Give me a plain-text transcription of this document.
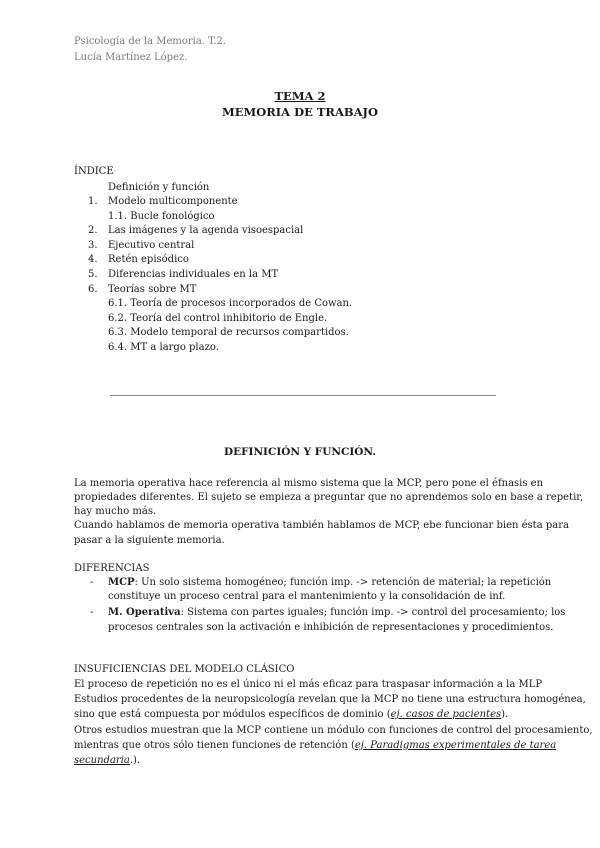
Psicología de la Memoria. T.2.
Lucía Martínez López.
TEMA 2
MEMORIA DE TRABAJO
ÍNDICE
Definición y función
1. Modelo multicomponente
1.1. Bucle fonológico
2. Las imágenes y la agenda visoespacial
3. Ejecutivo central
4. Retén episódico
5. Diferencias individuales en la MT
6. Teorías sobre MT
6.1. Teoría de procesos incorporados de Cowan.
6.2. Teoría del control inhibitorio de Engle.
6.3. Modelo temporal de recursos compartidos.
6.4. MT a largo plazo.
DEFINICIÓN Y FUNCIÓN.
La memoria operativa hace referencia al mismo sistema que la MCP, pero pone el éfnasis en
propiedades diferentes. El sujeto se empieza a preguntar que no aprendemos solo en base a repetir,
hay mucho más.
Cuando hablamos de memoria operativa también hablamos de MCP, ebe funcionar bien ésta para
pasar a la siguiente memoria.
DIFERENCIAS
- MCP: Un solo sistema homogéneo; función imp. -> retención de material; la repetición
constituye un proceso central para el mantenimiento y la consolidación de inf.
- M. Operativa: Sistema con partes iguales; función imp. -> control del procesamiento; los
procesos centrales son la activación e inhibición de representaciones y procedimientos.
INSUFICIENCIAS DEL MODELO CLÁSICO
El proceso de repetición no es el único ni el más eficaz para traspasar información a la MLP
Estudios procedentes de la neuropsicología revelan que la MCP no tiene una estructura homogénea,
sino que está compuesta por módulos específicos de dominio (ej. casos de pacientes).
Otros estudios muestran que la MCP contiene un módulo con funciones de control del procesamiento,
mientras que otros sólo tienen funciones de retención (ej. Paradigmas experimentales de tarea
secundaria.).
